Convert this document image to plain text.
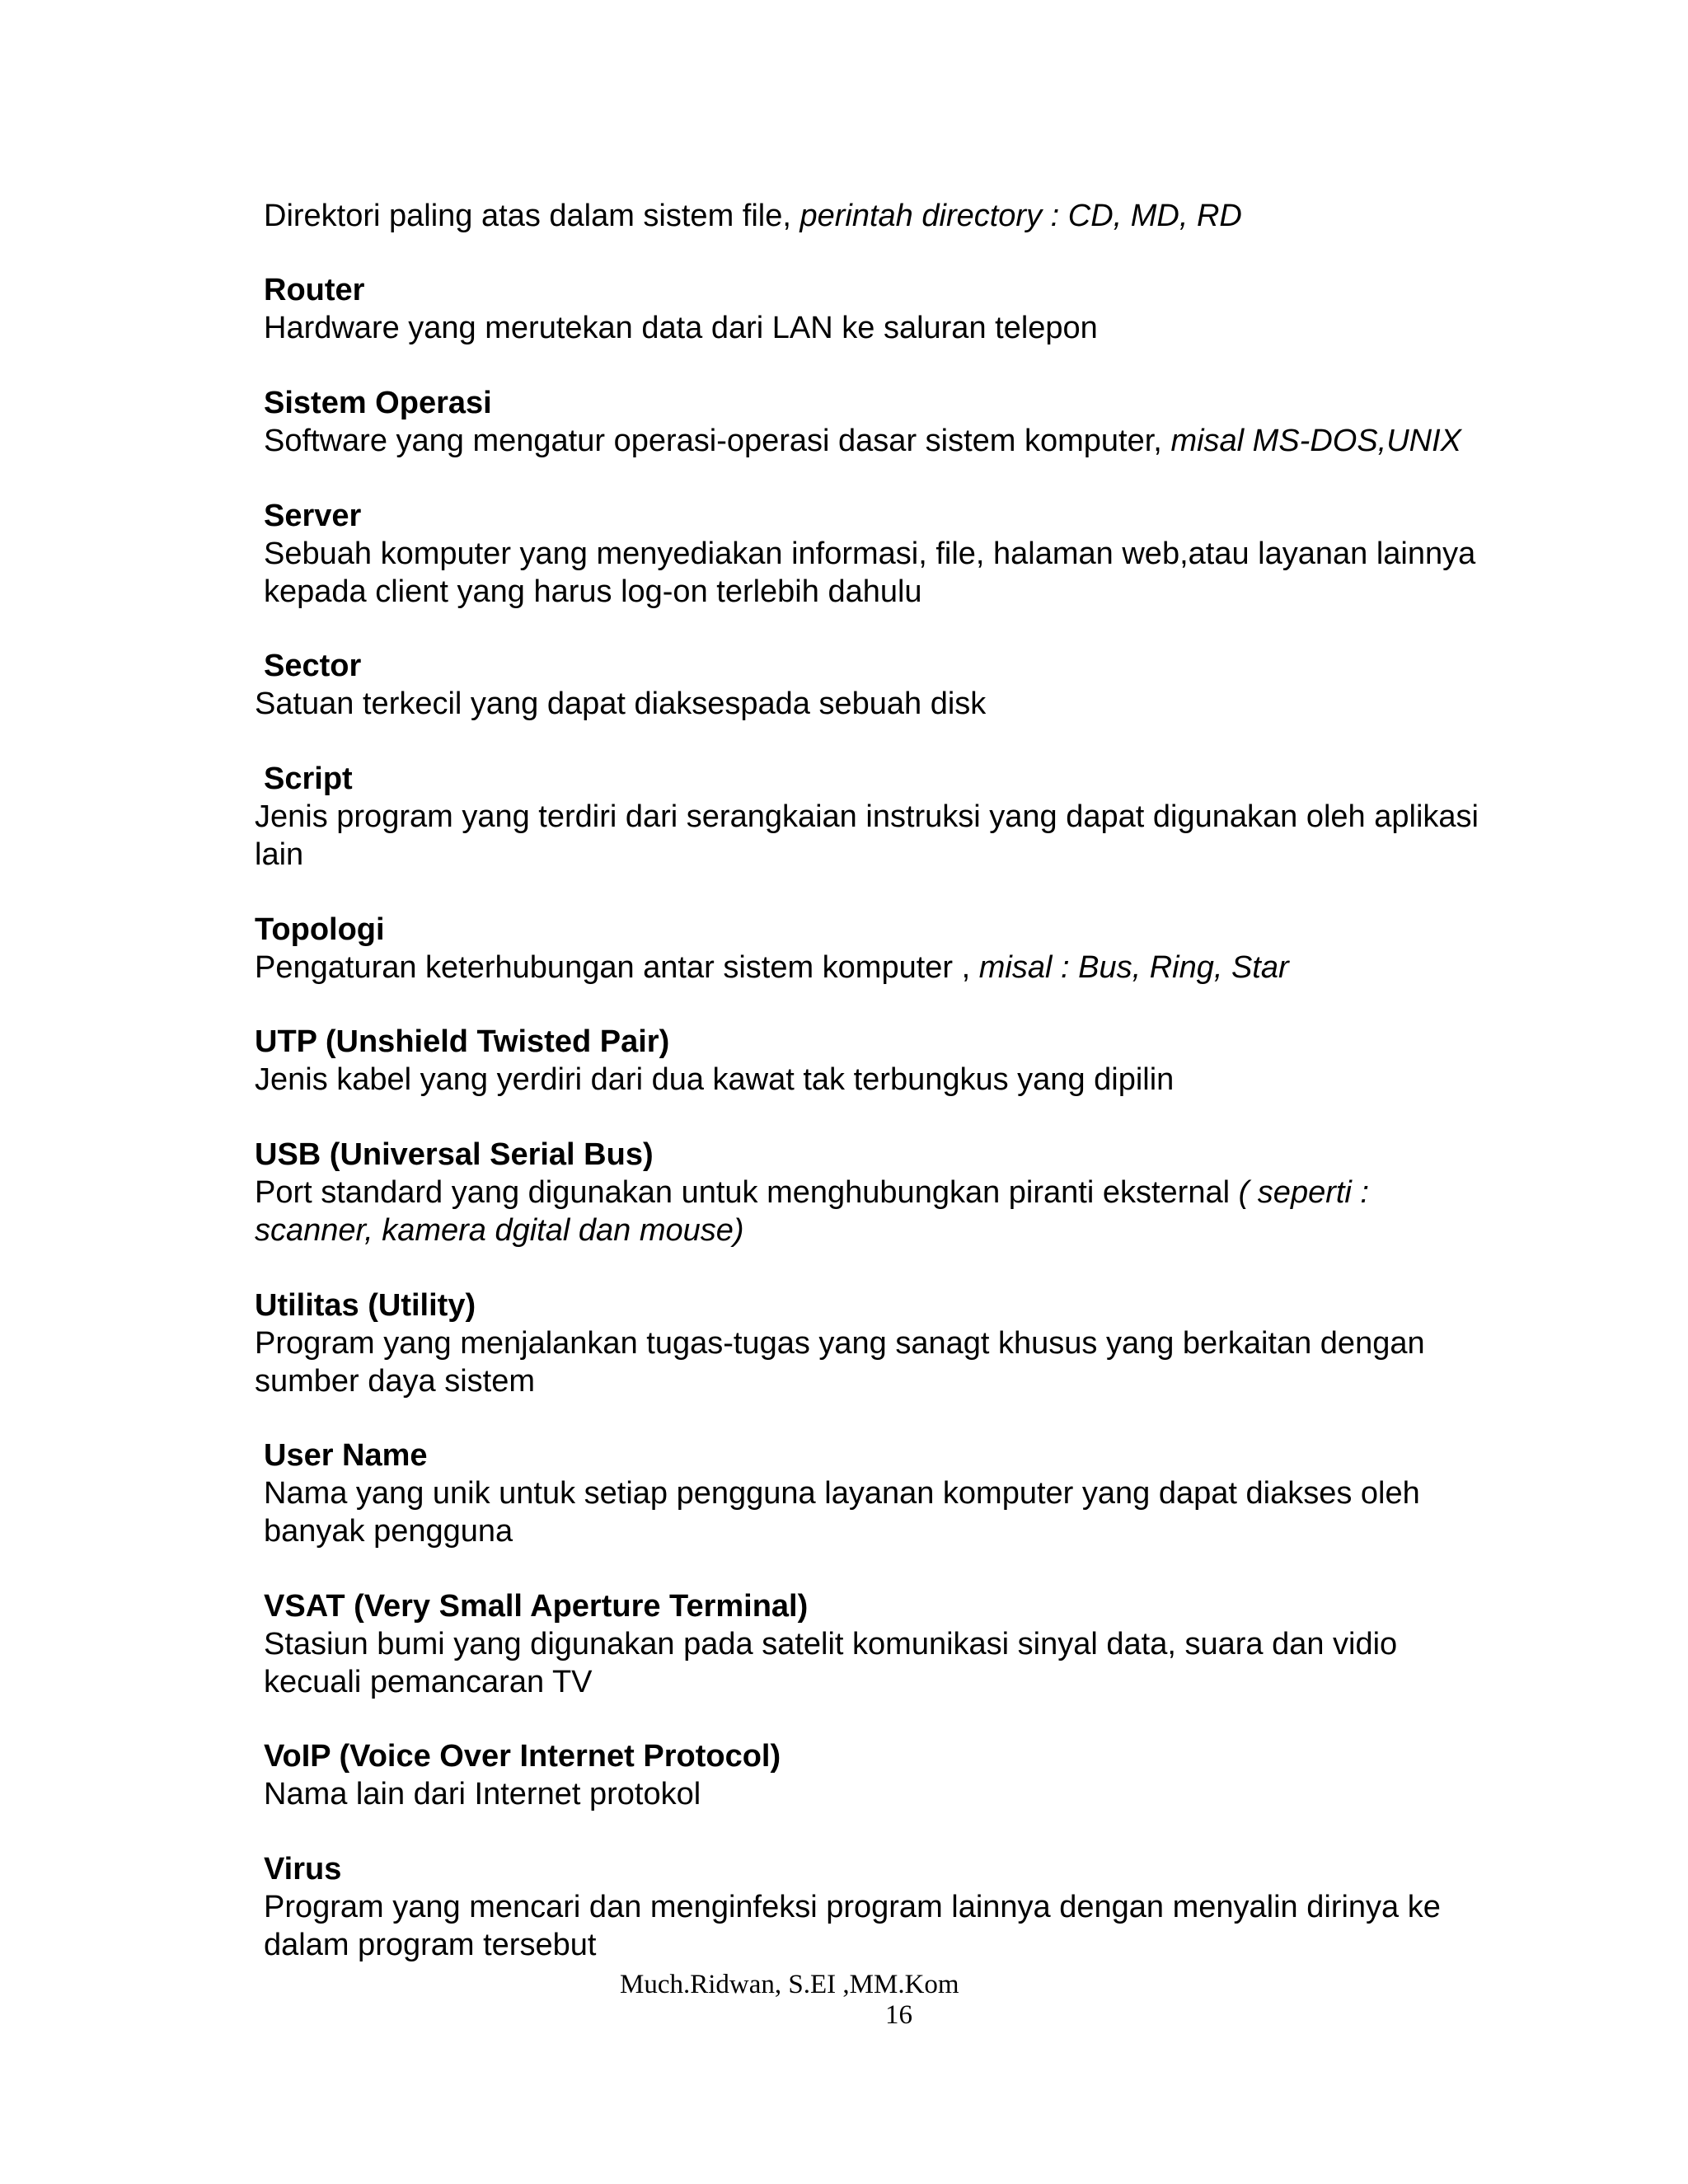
Direktori paling atas dalam sistem file, perintah directory : CD, MD, RD
Router
Hardware yang merutekan data dari LAN ke saluran telepon
Sistem Operasi
Software yang mengatur operasi-operasi dasar sistem komputer, misal MS-DOS,UNIX
Server
Sebuah komputer yang menyediakan informasi, file, halaman web,atau layanan lainnya
kepada client yang harus log-on terlebih dahulu
Sector
Satuan terkecil yang dapat diaksespada sebuah disk
Script
Jenis program yang terdiri dari serangkaian instruksi yang dapat digunakan oleh aplikasi
lain
Topologi
Pengaturan keterhubungan antar sistem komputer , misal : Bus, Ring, Star
UTP (Unshield Twisted Pair)
Jenis kabel yang yerdiri dari dua kawat tak terbungkus yang dipilin
USB (Universal Serial Bus)
Port standard yang digunakan untuk menghubungkan piranti eksternal ( seperti :
scanner, kamera dgital dan mouse)
Utilitas (Utility)
Program yang menjalankan tugas-tugas yang sanagt khusus yang berkaitan dengan
sumber daya sistem
User Name
Nama yang unik untuk setiap pengguna layanan komputer yang dapat diakses oleh
banyak pengguna
VSAT (Very Small Aperture Terminal)
Stasiun bumi yang digunakan pada satelit komunikasi sinyal data, suara dan vidio
kecuali pemancaran TV
VoIP (Voice Over Internet Protocol)
Nama lain dari Internet protokol
Virus
Program yang mencari dan menginfeksi program lainnya dengan menyalin dirinya ke
dalam program tersebut
Much.Ridwan, S.EI ,MM.Kom
16
